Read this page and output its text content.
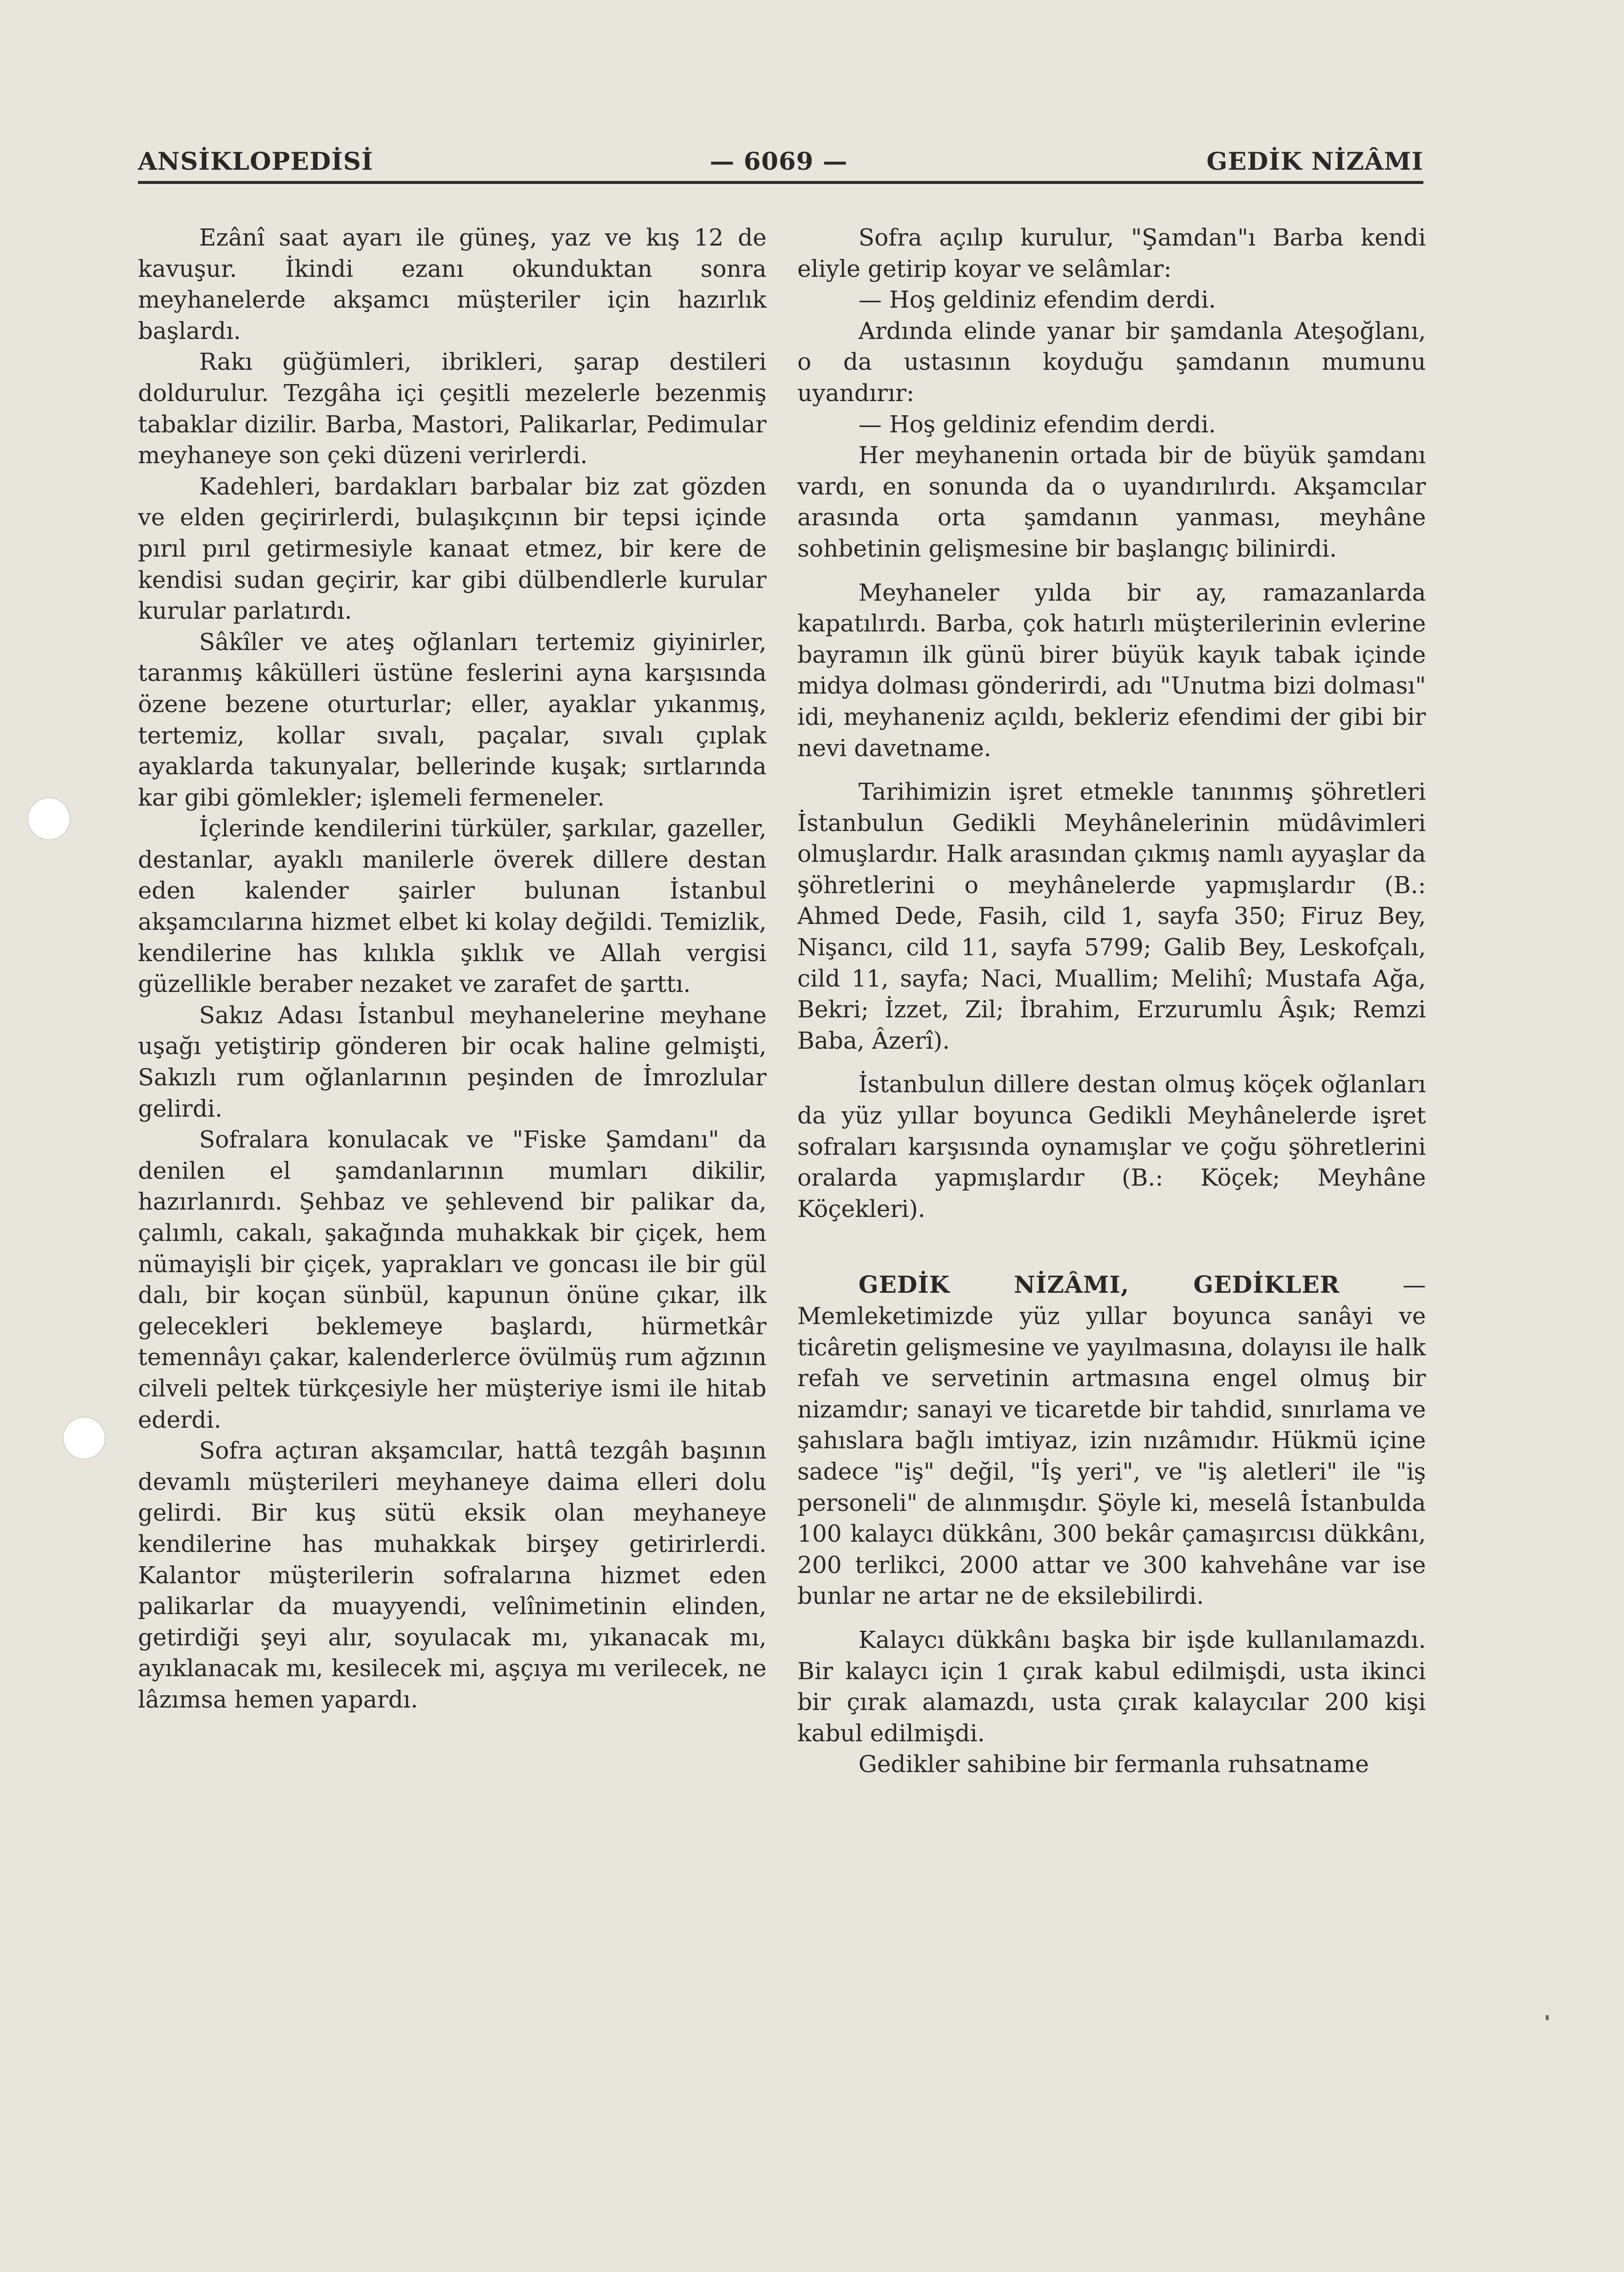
ANSİKLOPEDİSİ	— 6069 —	GEDİK NİZÂMI

Ezânî saat ayarı ile güneş, yaz ve kış 12 de kavuşur. İkindi ezanı okunduktan sonra meyhanelerde akşamcı müşteriler için hazırlık başlardı.

Rakı güğümleri, ibrikleri, şarap destileri doldurulur. Tezgâha içi çeşitli mezelerle bezenmiş tabaklar dizilir. Barba, Mastori, Palikarlar, Pedimular meyhaneye son çeki düzeni verirlerdi.

Kadehleri, bardakları barbalar biz zat gözden ve elden geçirirlerdi, bulaşıkçının bir tepsi içinde pırıl pırıl getirmesiyle kanaat etmez, bir kere de kendisi sudan geçirir, kar gibi dülbendlerle kurular kurular parlatırdı.

Sâkîler ve ateş oğlanları tertemiz giyinirler, taranmış kâkülleri üstüne feslerini ayna karşısında özene bezene oturturlar; eller, ayaklar yıkanmış, tertemiz, kollar sıvalı, paçalar, sıvalı çıplak ayaklarda takunyalar, bellerinde kuşak; sırtlarında kar gibi gömlekler; işlemeli fermeneler.

İçlerinde kendilerini türküler, şarkılar, gazeller, destanlar, ayaklı manilerle överek dillere destan eden kalender şairler bulunan İstanbul akşamcılarına hizmet elbet ki kolay değildi. Temizlik, kendilerine has kılıkla şıklık ve Allah vergisi güzellikle beraber nezaket ve zarafet de şarttı.

Sakız Adası İstanbul meyhanelerine meyhane uşağı yetiştirip gönderen bir ocak haline gelmişti, Sakızlı rum oğlanlarının peşinden de İmrozlular gelirdi.

Sofralara konulacak ve "Fiske Şamdanı" da denilen el şamdanlarının mumları dikilir, hazırlanırdı. Şehbaz ve şehlevend bir palikar da, çalımlı, cakalı, şakağında muhakkak bir çiçek, hem nümayişli bir çiçek, yaprakları ve goncası ile bir gül dalı, bir koçan sünbül, kapunun önüne çıkar, ilk gelecekleri beklemeye başlardı, hürmetkâr temennâyı çakar, kalenderlerce övülmüş rum ağzının cilveli peltek türkçesiyle her müşteriye ismi ile hitab ederdi.

Sofra açtıran akşamcılar, hattâ tezgâh başının devamlı müşterileri meyhaneye daima elleri dolu gelirdi. Bir kuş sütü eksik olan meyhaneye kendilerine has muhakkak birşey getirirlerdi. Kalantor müşterilerin sofralarına hizmet eden palikarlar da muayyendi, velînimetinin elinden, getirdiği şeyi alır, soyulacak mı, yıkanacak mı, ayıklanacak mı, kesilecek mi, aşçıya mı verilecek, ne lâzımsa hemen yapardı.

Sofra açılıp kurulur, "Şamdan"ı Barba kendi eliyle getirip koyar ve selâmlar:

— Hoş geldiniz efendim derdi.

Ardında elinde yanar bir şamdanla Ateşoğlanı, o da ustasının koyduğu şamdanın mumunu uyandırır:

— Hoş geldiniz efendim derdi.

Her meyhanenin ortada bir de büyük şamdanı vardı, en sonunda da o uyandırılırdı. Akşamcılar arasında orta şamdanın yanması, meyhâne sohbetinin gelişmesine bir başlangıç bilinirdi.

Meyhaneler yılda bir ay, ramazanlarda kapatılırdı. Barba, çok hatırlı müşterilerinin evlerine bayramın ilk günü birer büyük kayık tabak içinde midya dolması gönderirdi, adı "Unutma bizi dolması" idi, meyhaneniz açıldı, bekleriz efendimi der gibi bir nevi davetname.

Tarihimizin işret etmekle tanınmış şöhretleri İstanbulun Gedikli Meyhânelerinin müdâvimleri olmuşlardır. Halk arasından çıkmış namlı ayyaşlar da şöhretlerini o meyhânelerde yapmışlardır (B.: Ahmed Dede, Fasih, cild 1, sayfa 350; Firuz Bey, Nişancı, cild 11, sayfa 5799; Galib Bey, Leskofçalı, cild 11, sayfa; Naci, Muallim; Melihî; Mustafa Ağa, Bekri; İzzet, Zil; İbrahim, Erzurumlu Âşık; Remzi Baba, Âzerî).

İstanbulun dillere destan olmuş köçek oğlanları da yüz yıllar boyunca Gedikli Meyhânelerde işret sofraları karşısında oynamışlar ve çoğu şöhretlerini oralarda yapmışlardır (B.: Köçek; Meyhâne Köçekleri).

GEDİK NİZÂMI, GEDİKLER — Memleketimizde yüz yıllar boyunca sanâyi ve ticâretin gelişmesine ve yayılmasına, dolayısı ile halk refah ve servetinin artmasına engel olmuş bir nizamdır; sanayi ve ticaretde bir tahdid, sınırlama ve şahıslara bağlı imtiyaz, izin nızâmıdır. Hükmü içine sadece "iş" değil, "İş yeri", ve "iş aletleri" ile "iş personeli" de alınmışdır. Şöyle ki, meselâ İstanbulda 100 kalaycı dükkânı, 300 bekâr çamaşırcısı dükkânı, 200 terlikci, 2000 attar ve 300 kahvehâne var ise bunlar ne artar ne de eksilebilirdi.

Kalaycı dükkânı başka bir işde kullanılamazdı. Bir kalaycı için 1 çırak kabul edilmişdi, usta ikinci bir çırak alamazdı, usta çırak kalaycılar 200 kişi kabul edilmişdi.

Gedikler sahibine bir fermanla ruhsatname
